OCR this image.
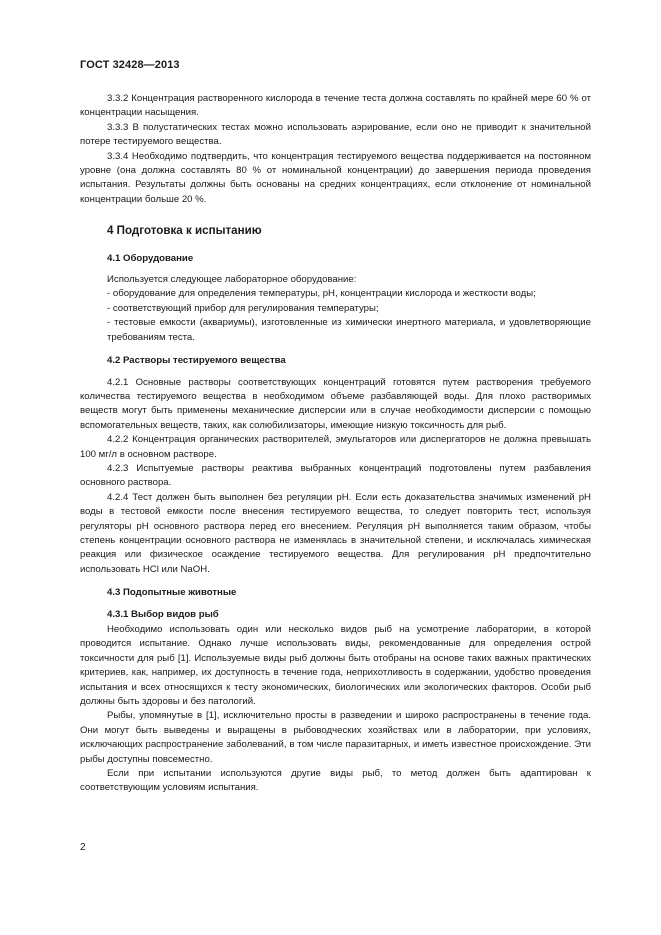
ГОСТ 32428—2013

3.3.2 Концентрация растворенного кислорода в течение теста должна составлять по крайней мере 60 % от концентрации насыщения.

3.3.3 В полустатических тестах можно использовать аэрирование, если оно не приводит к значительной потере тестируемого вещества.

3.3.4 Необходимо подтвердить, что концентрация тестируемого вещества поддерживается на постоянном уровне (она должна составлять 80 % от номинальной концентрации) до завершения периода проведения испытания. Результаты должны быть основаны на средних концентрациях, если отклонение от номинальной концентрации больше 20 %.

4 Подготовка к испытанию

4.1 Оборудование

Используется следующее лабораторное оборудование:

- оборудование для определения температуры, pH, концентрации кислорода и жесткости воды;

- соответствующий прибор для регулирования температуры;

- тестовые емкости (аквариумы), изготовленные из химически инертного материала, и удовлетворяющие требованиям теста.

4.2 Растворы тестируемого вещества

4.2.1 Основные растворы соответствующих концентраций готовятся путем растворения требуемого количества тестируемого вещества в необходимом объеме разбавляющей воды. Для плохо растворимых веществ могут быть применены механические дисперсии или в случае необходимости дисперсии с помощью вспомогательных веществ, таких, как солюбилизаторы, имеющие низкую токсичность для рыб.

4.2.2 Концентрация органических растворителей, эмульгаторов или диспергаторов не должна превышать 100 мг/л в основном растворе.

4.2.3 Испытуемые растворы реактива выбранных концентраций подготовлены путем разбавления основного раствора.

4.2.4 Тест должен быть выполнен без регуляции pH. Если есть доказательства значимых изменений pH воды в тестовой емкости после внесения тестируемого вещества, то следует повторить тест, используя регуляторы pH основного раствора перед его внесением. Регуляция pH выполняется таким образом, чтобы степень концентрации основного раствора не изменялась в значительной степени, и исключалась химическая реакция или физическое осаждение тестируемого вещества. Для регулирования pH предпочтительно использовать HCl или NaOH.

4.3 Подопытные животные

4.3.1 Выбор видов рыб

Необходимо использовать один или несколько видов рыб на усмотрение лаборатории, в которой проводится испытание. Однако лучше использовать виды, рекомендованные для определения острой токсичности для рыб [1]. Используемые виды рыб должны быть отобраны на основе таких важных практических критериев, как, например, их доступность в течение года, неприхотливость в содержании, удобство проведения испытания и всех относящихся к тесту экономических, биологических или экологических факторов. Особи рыб должны быть здоровы и без патологий.

Рыбы, упомянутые в [1], исключительно просты в разведении и широко распространены в течение года. Они могут быть выведены и выращены в рыбоводческих хозяйствах или в лаборатории, при условиях, исключающих распространение заболеваний, в том числе паразитарных, и иметь известное происхождение. Эти рыбы доступны повсеместно.

Если при испытании используются другие виды рыб, то метод должен быть адаптирован к соответствующим условиям испытания.

2
